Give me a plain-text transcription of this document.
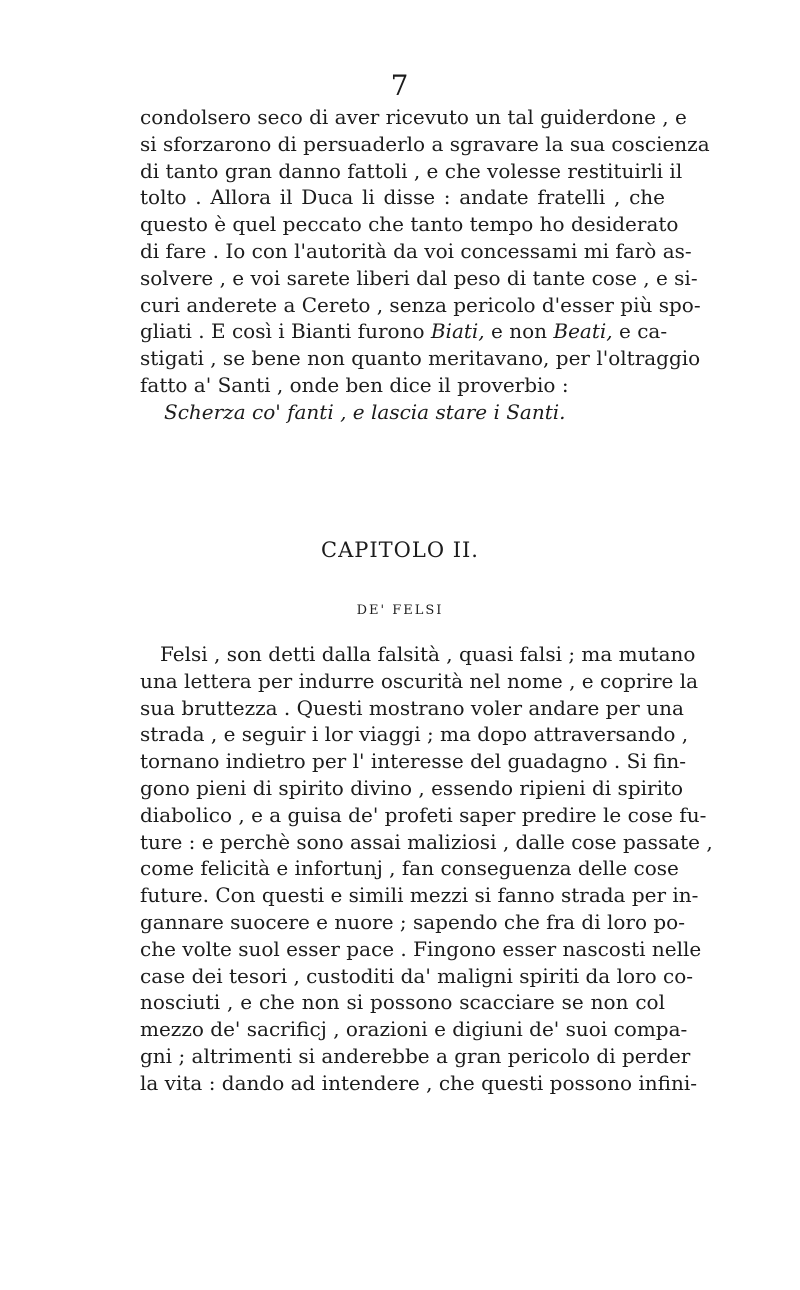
7
condolsero seco di aver ricevuto un tal guiderdone , e
si sforzarono di persuaderlo a sgravare la sua coscienza
di tanto gran danno fattoli , e che volesse restituirli il
tolto . Allora il Duca li disse : andate fratelli , che
questo è quel peccato che tanto tempo ho desiderato
di fare . Io con l'autorità da voi concessami mi farò as-
solvere , e voi sarete liberi dal peso di tante cose , e si-
curi anderete a Cereto , senza pericolo d'esser più spo-
gliati . E così i Bianti furono Biati, e non Beati, e ca-
stigati , se bene non quanto meritavano, per l'oltraggio
fatto a' Santi , onde ben dice il proverbio :
Scherza co' fanti , e lascia stare i Santi.
CAPITOLO II.
DE' FELSI
Felsi , son detti dalla falsità , quasi falsi ; ma mutano
una lettera per indurre oscurità nel nome , e coprire la
sua bruttezza . Questi mostrano voler andare per una
strada , e seguir i lor viaggi ; ma dopo attraversando ,
tornano indietro per l' interesse del guadagno . Si fin-
gono pieni di spirito divino , essendo ripieni di spirito
diabolico , e a guisa de' profeti saper predire le cose fu-
ture : e perchè sono assai maliziosi , dalle cose passate ,
come felicità e infortunj , fan conseguenza delle cose
future. Con questi e simili mezzi si fanno strada per in-
gannare suocere e nuore ; sapendo che fra di loro po-
che volte suol esser pace . Fingono esser nascosti nelle
case dei tesori , custoditi da' maligni spiriti da loro co-
nosciuti , e che non si possono scacciare se non col
mezzo de' sacrificj , orazioni e digiuni de' suoi compa-
gni ; altrimenti si anderebbe a gran pericolo di perder
la vita : dando ad intendere , che questi possono infini-
